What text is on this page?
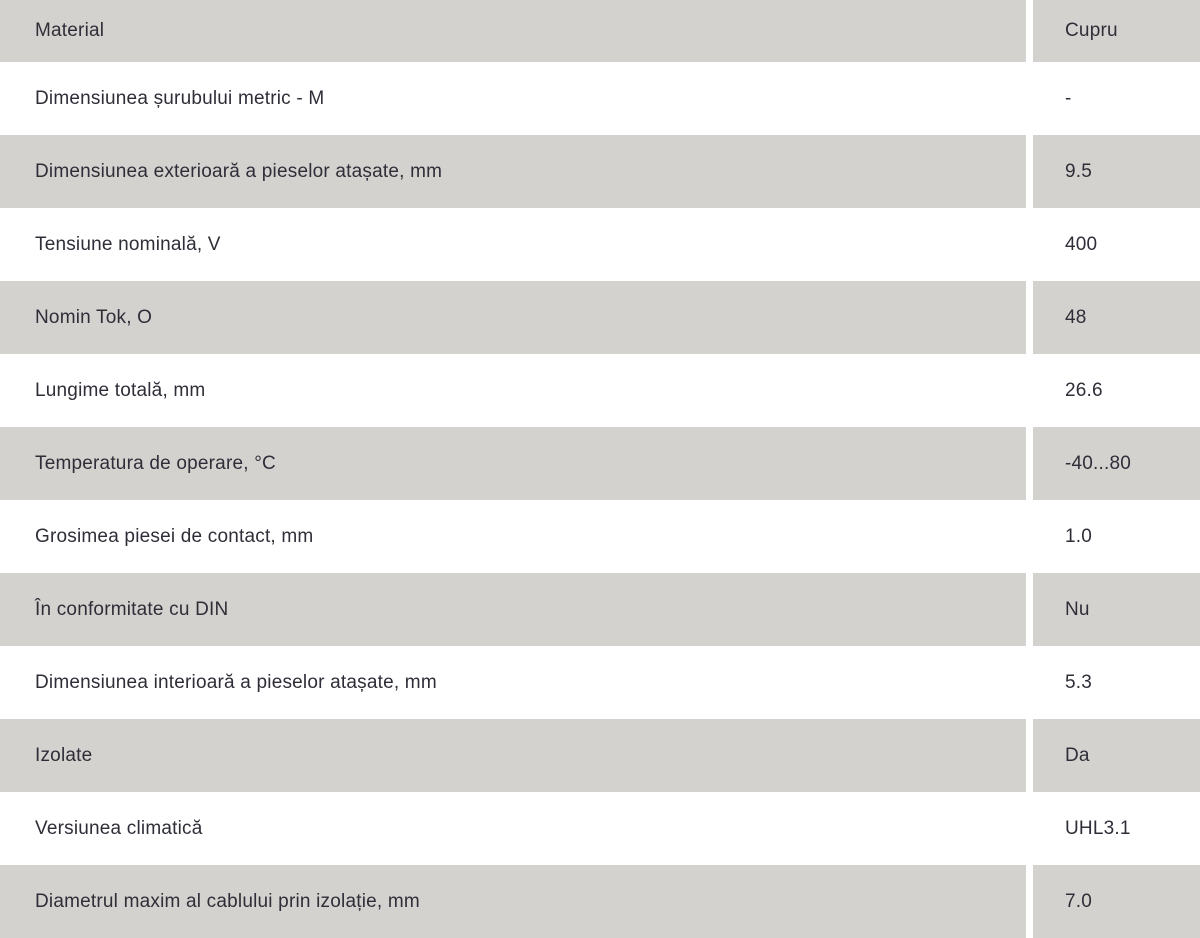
Material	Cupru
Dimensiunea șurubului metric - M	-
Dimensiunea exterioară a pieselor atașate, mm	9.5
Tensiune nominală, V	400
Nomin Tok, O	48
Lungime totală, mm	26.6
Temperatura de operare, °C	-40...80
Grosimea piesei de contact, mm	1.0
În conformitate cu DIN	Nu
Dimensiunea interioară a pieselor atașate, mm	5.3
Izolate	Da
Versiunea climatică	UHL3.1
Diametrul maxim al cablului prin izolație, mm	7.0
